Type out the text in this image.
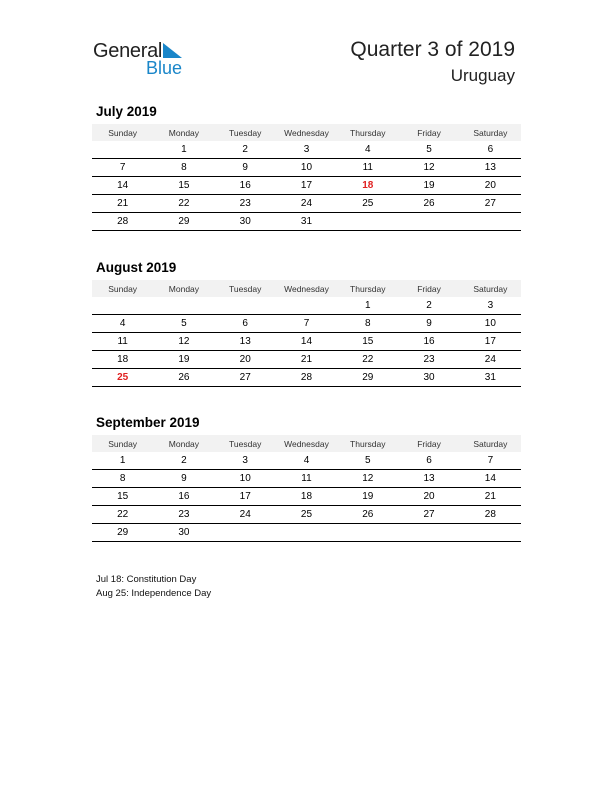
General
Blue
Quarter 3 of 2019
Uruguay
July 2019
Sunday	Monday	Tuesday	Wednesday	Thursday	Friday	Saturday
	1	2	3	4	5	6
7	8	9	10	11	12	13
14	15	16	17	18	19	20
21	22	23	24	25	26	27
28	29	30	31			
August 2019
Sunday	Monday	Tuesday	Wednesday	Thursday	Friday	Saturday
				1	2	3
4	5	6	7	8	9	10
11	12	13	14	15	16	17
18	19	20	21	22	23	24
25	26	27	28	29	30	31
September 2019
Sunday	Monday	Tuesday	Wednesday	Thursday	Friday	Saturday
1	2	3	4	5	6	7
8	9	10	11	12	13	14
15	16	17	18	19	20	21
22	23	24	25	26	27	28
29	30					
Jul 18: Constitution Day
Aug 25: Independence Day
